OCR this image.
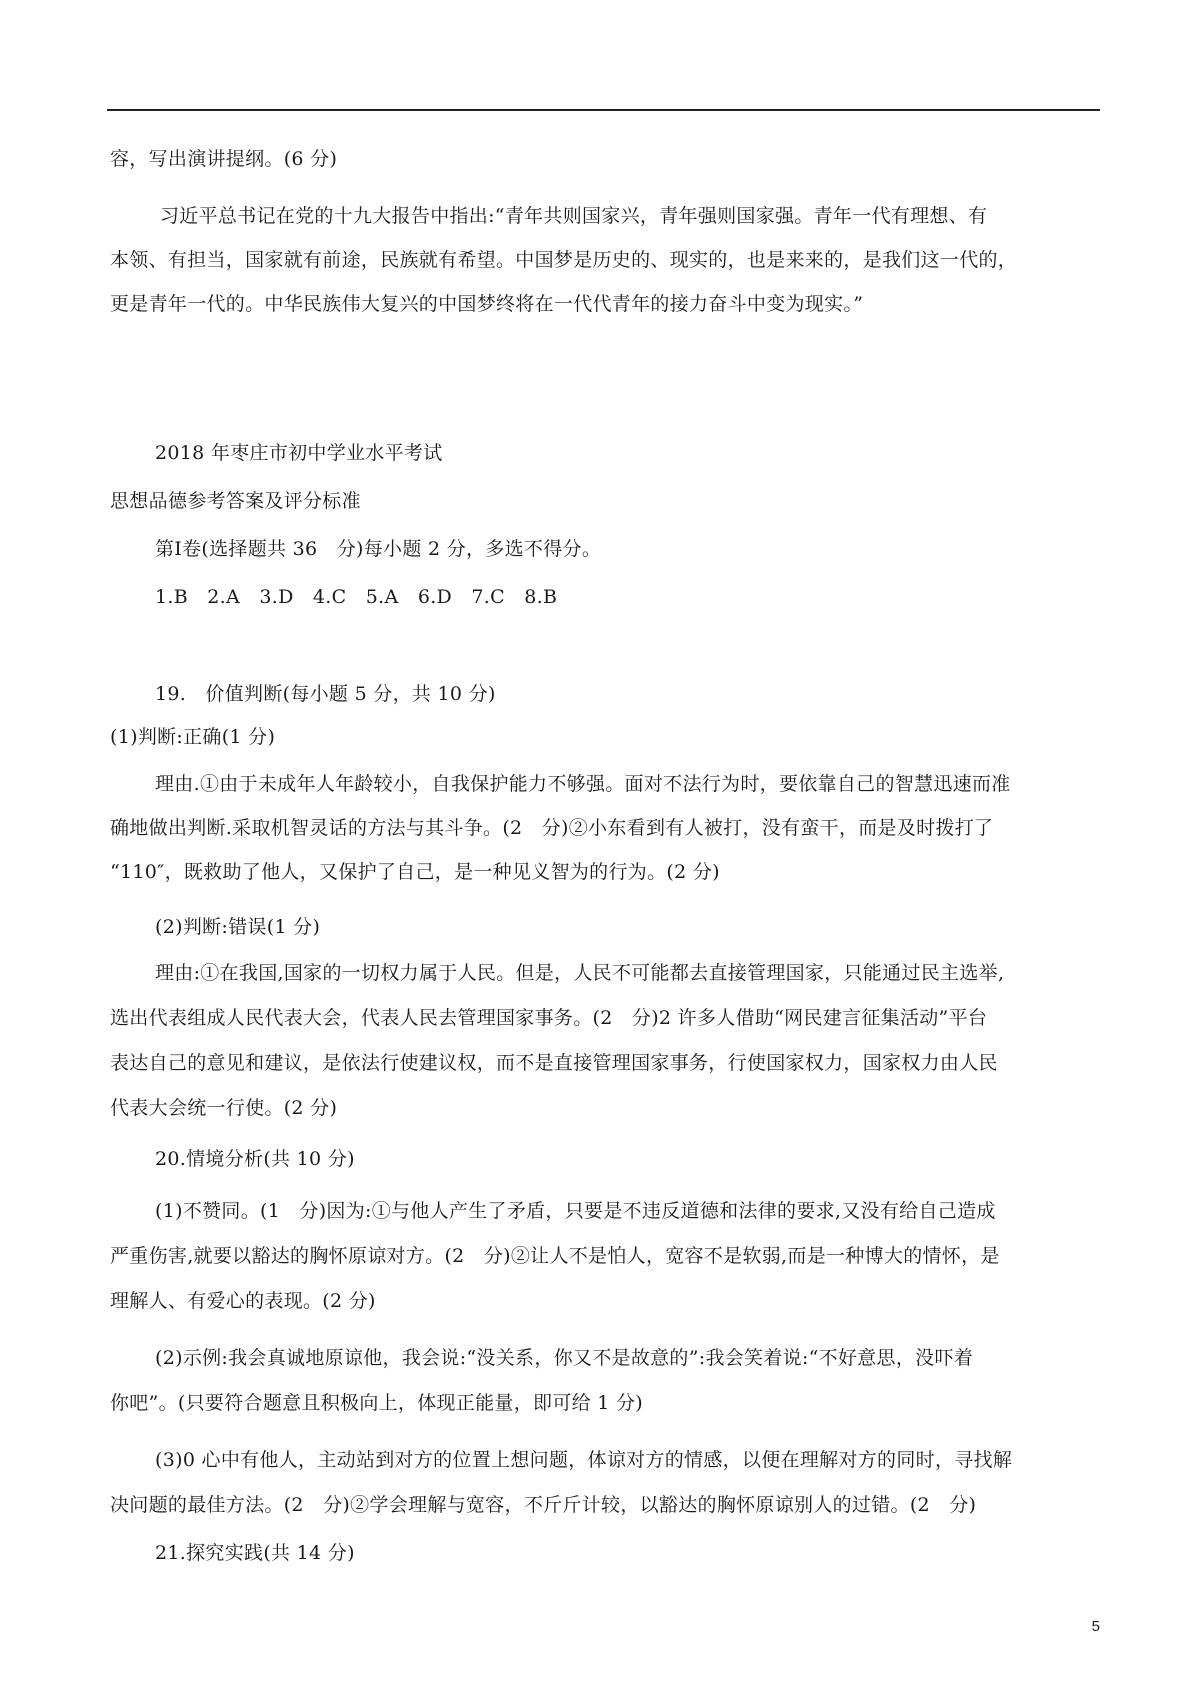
容，写出演讲提纲。(6 分)
习近平总书记在党的十九大报告中指出:“青年共则国家兴，青年强则国家强。青年一代有理想、有
本领、有担当，国家就有前途，民族就有希望。中国梦是历史的、现实的，也是来来的，是我们这一代的，
更是青年一代的。中华民族伟大复兴的中国梦终将在一代代青年的接力奋斗中变为现实。”
2018 年枣庄市初中学业水平考试
思想品德参考答案及评分标准
第Ⅰ卷(选择题共 36　分)每小题 2 分，多选不得分。
1.B　2.A　3.D　4.C　5.A　6.D　7.C　8.B
19.　价值判断(每小题 5 分，共 10 分)
(1)判断:正确(1 分)
理由.①由于未成年人年龄较小，自我保护能力不够强。面对不法行为时，要依靠自己的智慧迅速而准
确地做出判断.采取机智灵话的方法与其斗争。(2　分)②小东看到有人被打，没有蛮干，而是及时拨打了
“110″，既救助了他人，又保护了自己，是一种见义智为的行为。(2 分)
(2)判断:错误(1 分)
理由:①在我国,国家的一切权力属于人民。但是，人民不可能都去直接管理国家，只能通过民主选举,
选出代表组成人民代表大会，代表人民去管理国家事务。(2　分)2 许多人借助“网民建言征集活动”平台
表达自己的意见和建议，是依法行使建议权，而不是直接管理国家事务，行使国家权力，国家权力由人民
代表大会统一行使。(2 分)
20.情境分析(共 10 分)
(1)不赞同。(1　分)因为:①与他人产生了矛盾，只要是不违反道德和法律的要求,又没有给自己造成
严重伤害,就要以豁达的胸怀原谅对方。(2　分)②让人不是怕人，宽容不是软弱,而是一种博大的情怀，是
理解人、有爱心的表现。(2 分)
(2)示例:我会真诚地原谅他，我会说:“没关系，你又不是故意的”:我会笑着说:“不好意思，没吓着
你吧”。(只要符合题意且积极向上，体现正能量，即可给 1 分)
(3)0 心中有他人，主动站到对方的位置上想问题，体谅对方的情感，以便在理解对方的同时，寻找解
决问题的最佳方法。(2　分)②学会理解与宽容，不斤斤计较，以豁达的胸怀原谅别人的过错。(2　分)
21.探究实践(共 14 分)
5
